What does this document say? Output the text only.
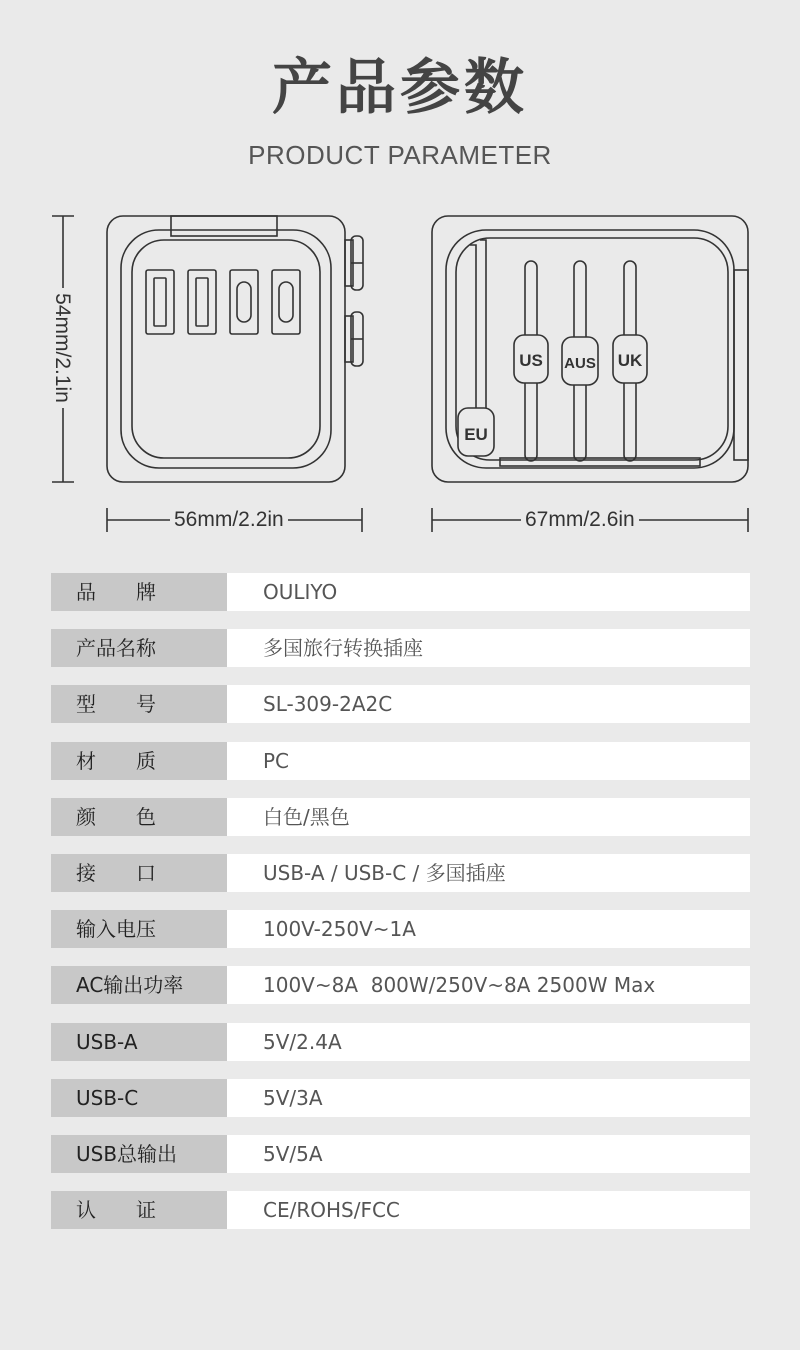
产品参数
PRODUCT PARAMETER
US AUS UK
EU
54mm/2.1in
56mm/2.2in	67mm/2.6in
品　　牌	OULIYO
产品名称	多国旅行转换插座
型　　号	SL-309-2A2C
材　　质	PC
颜　　色	白色/黑色
接　　口	USB-A / USB-C / 多国插座
输入电压	100V-250V~1A
AC输出功率	100V~8A  800W/250V~8A 2500W Max
USB-A	5V/2.4A
USB-C	5V/3A
USB总输出	5V/5A
认　　证	CE/ROHS/FCC
